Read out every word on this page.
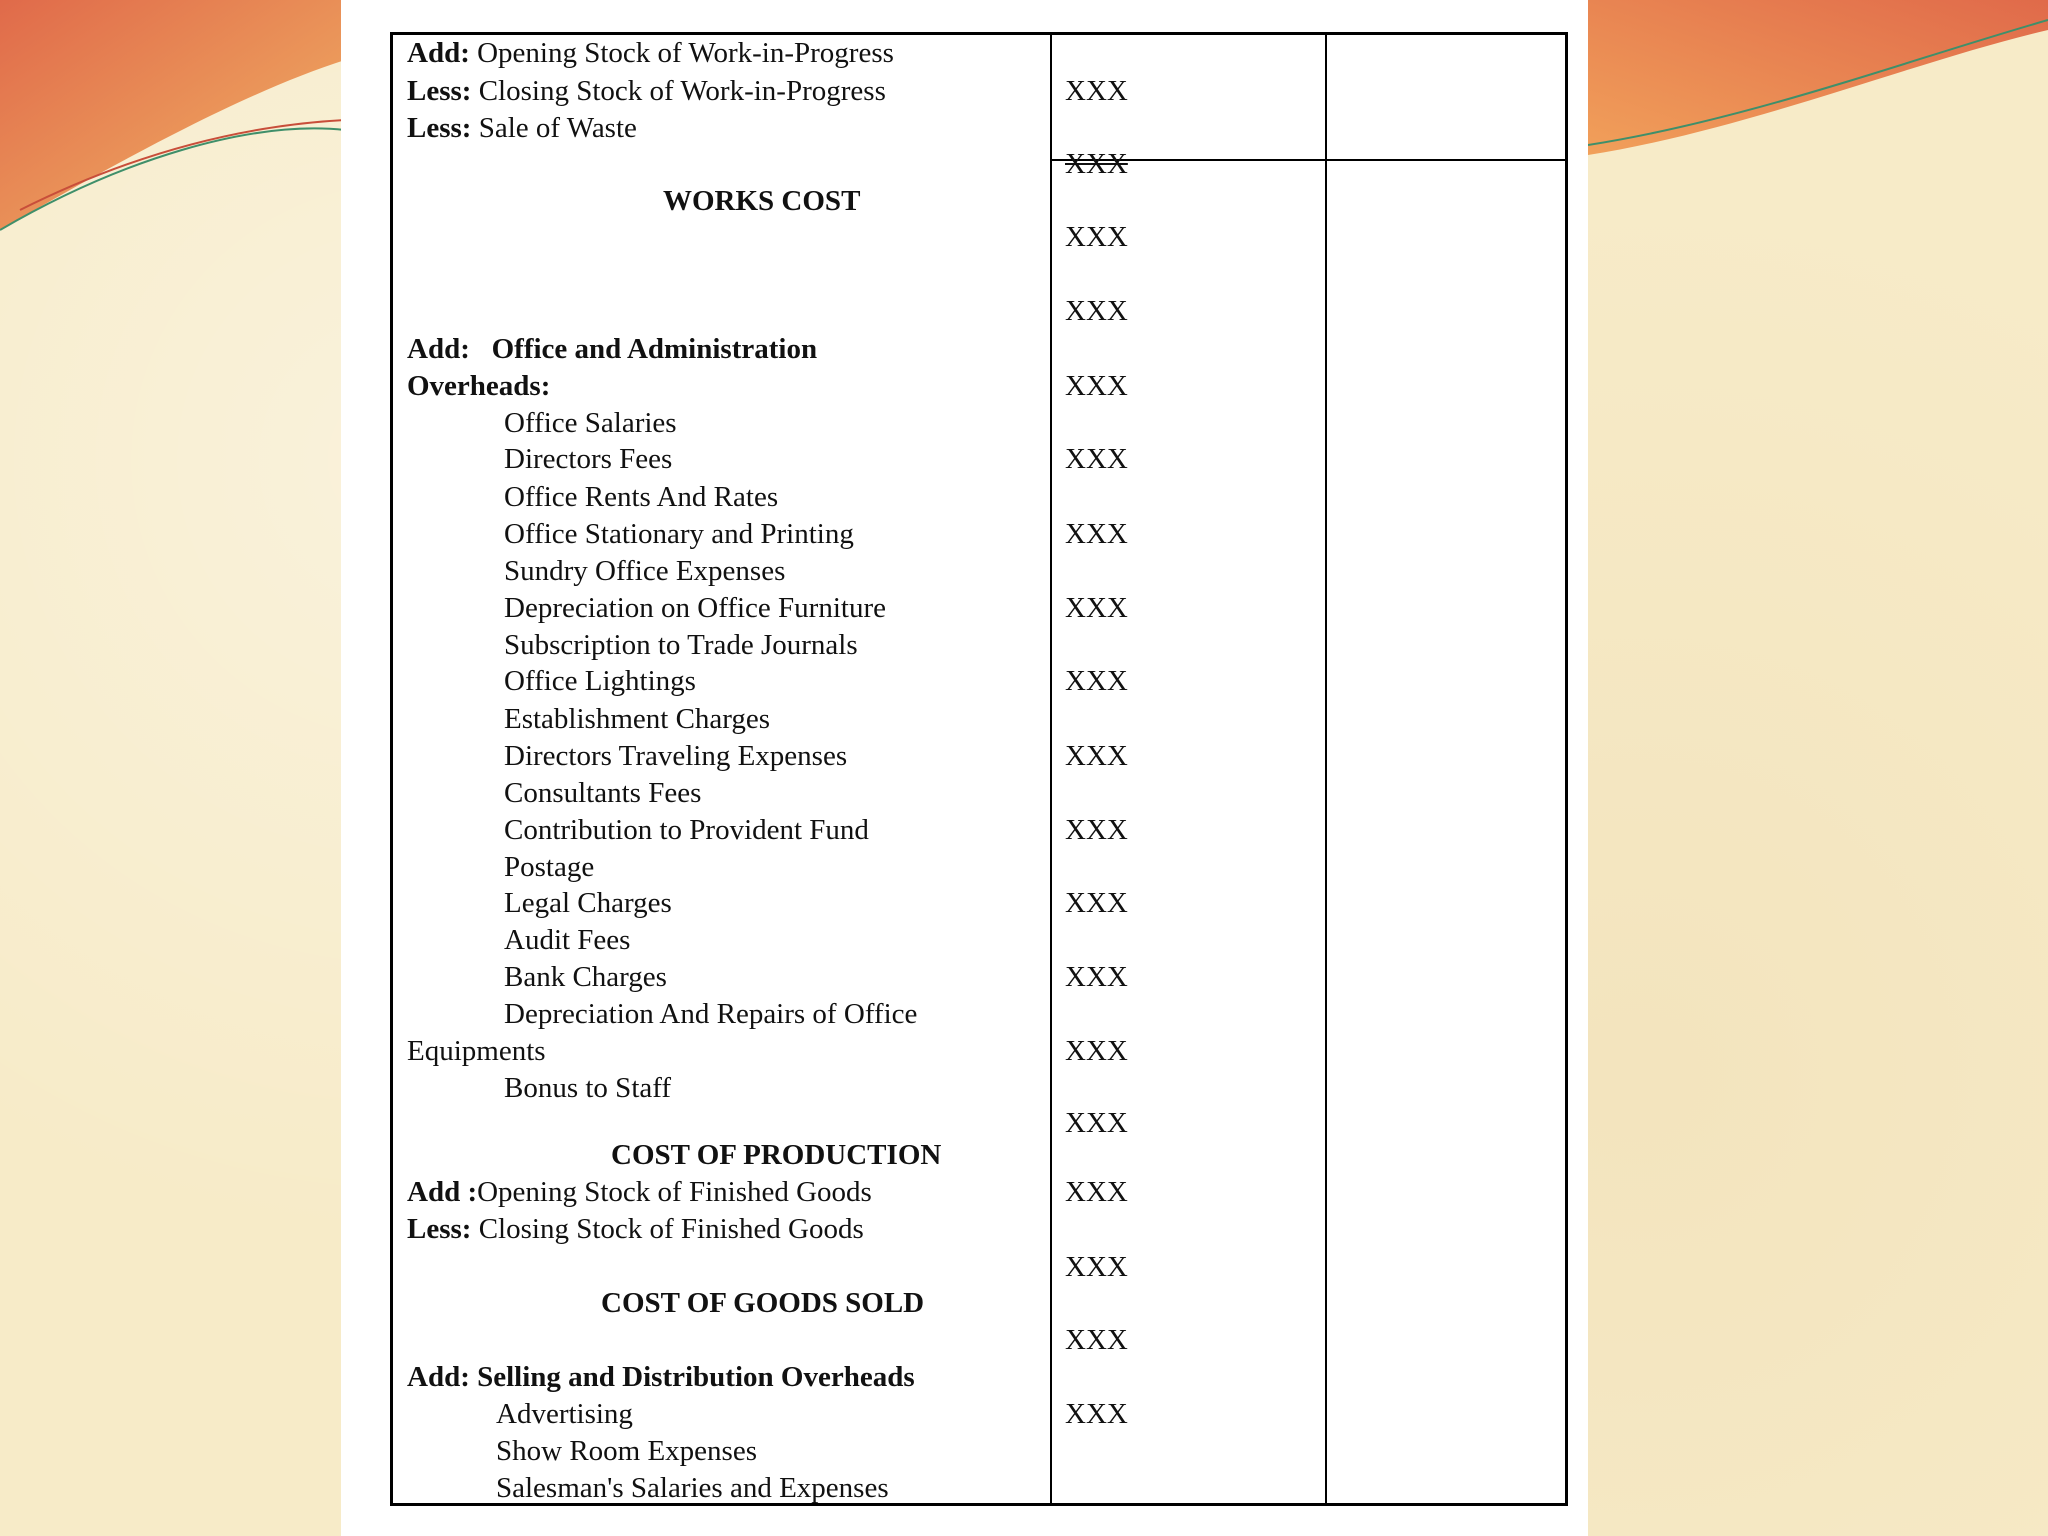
Add: Opening Stock of Work-in-Progress
Less: Closing Stock of Work-in-Progress
Less: Sale of Waste
WORKS COST
Add: Office and Administration
Overheads:
Office Salaries
Directors Fees
Office Rents And Rates
Office Stationary and Printing
Sundry Office Expenses
Depreciation on Office Furniture
Subscription to Trade Journals
Office Lightings
Establishment Charges
Directors Traveling Expenses
Consultants Fees
Contribution to Provident Fund
Postage
Legal Charges
Audit Fees
Bank Charges
Depreciation And Repairs of Office
Equipments
Bonus to Staff
COST OF PRODUCTION
Add :Opening Stock of Finished Goods
Less: Closing Stock of Finished Goods
COST OF GOODS SOLD
Add: Selling and Distribution Overheads
Advertising
Show Room Expenses
Salesman's Salaries and Expenses
XXX
XXX
XXX
XXX
XXX
XXX
XXX
XXX
XXX
XXX
XXX
XXX
XXX
XXX
XXX
XXX
XXX
XXX
XXX
